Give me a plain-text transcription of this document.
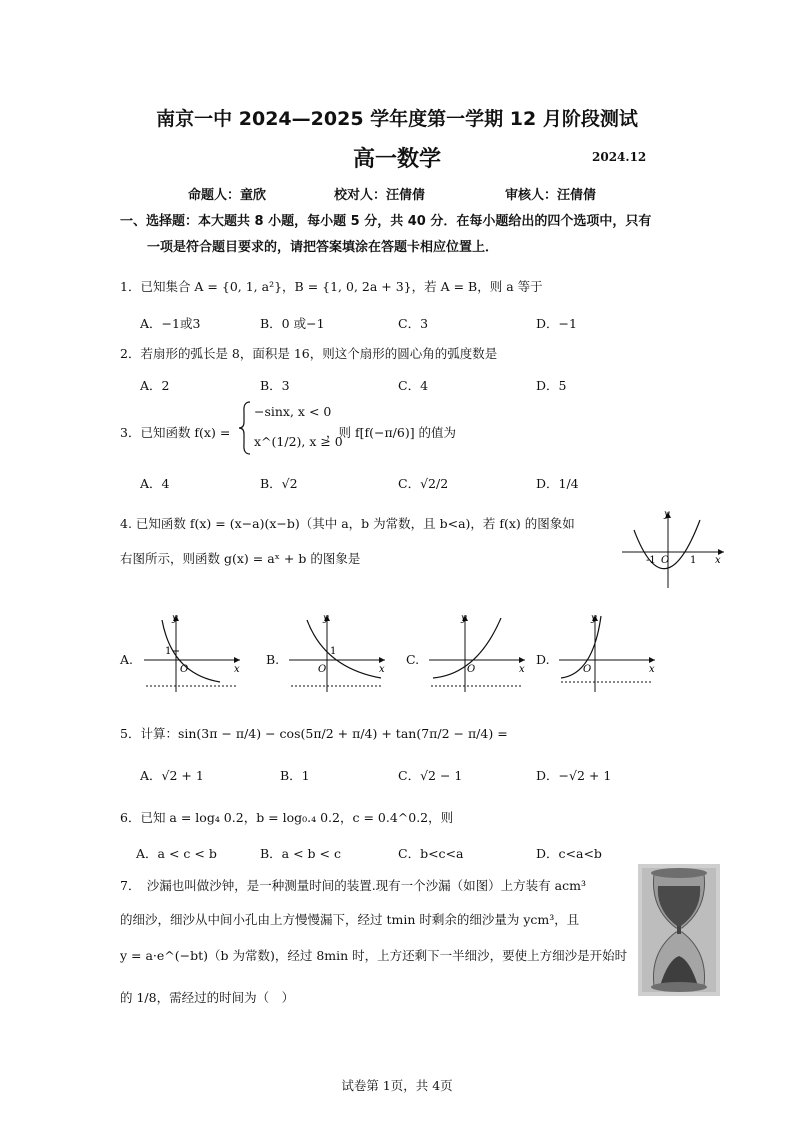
南京一中 2024—2025 学年度第一学期 12 月阶段测试
高一数学	2024.12
命题人：童欣	校对人：汪倩倩	审核人：汪倩倩
一、选择题：本大题共 8 小题，每小题 5 分，共 40 分．在每小题给出的四个选项中，只有
一项是符合题目要求的，请把答案填涂在答题卡相应位置上．
1．已知集合 A = {0, 1, a²}，B = {1, 0, 2a + 3}，若 A = B，则 a 等于
A．−1或3	B．0 或−1	C．3	D．−1
2．若扇形的弧长是 8，面积是 16，则这个扇形的圆心角的弧度数是
A．2	B．3	C．4	D．5
3．已知函数 f(x) =
−sinx, x < 0
x^(1/2), x ≥ 0
，则 f[f(−π/6)] 的值为
A．4	B．√2	C．√2/2	D．1/4
4. 已知函数 f(x) = (x−a)(x−b)（其中 a，b 为常数，且 b<a)，若 f(x) 的图象如
右图所示，则函数 g(x) = aˣ + b 的图象是	-1 O 1 x
y
A.
1
O	x
y
B.
1
O	x
y
C.
O	x
y
D.
O	x
y
5．计算：sin(3π − π/4) − cos(5π/2 + π/4) + tan(7π/2 − π/4) =
A．√2 + 1	B．1	C．√2 − 1	D．−√2 + 1
6．已知 a = log₄ 0.2，b = log₀.₄ 0.2，c = 0.4^0.2，则
A．a < c < b	B．a < b < c	C．b<c<a	D．c<a<b
7．　沙漏也叫做沙钟，是一种测量时间的装置.现有一个沙漏（如图）上方装有 acm³
的细沙，细沙从中间小孔由上方慢慢漏下，经过 tmin 时剩余的细沙量为 ycm³，且
y = a·e^(−bt)（b 为常数)，经过 8min 时，上方还剩下一半细沙，要使上方细沙是开始时
的 1/8，需经过的时间为（　）
试卷第 1页，共 4页
